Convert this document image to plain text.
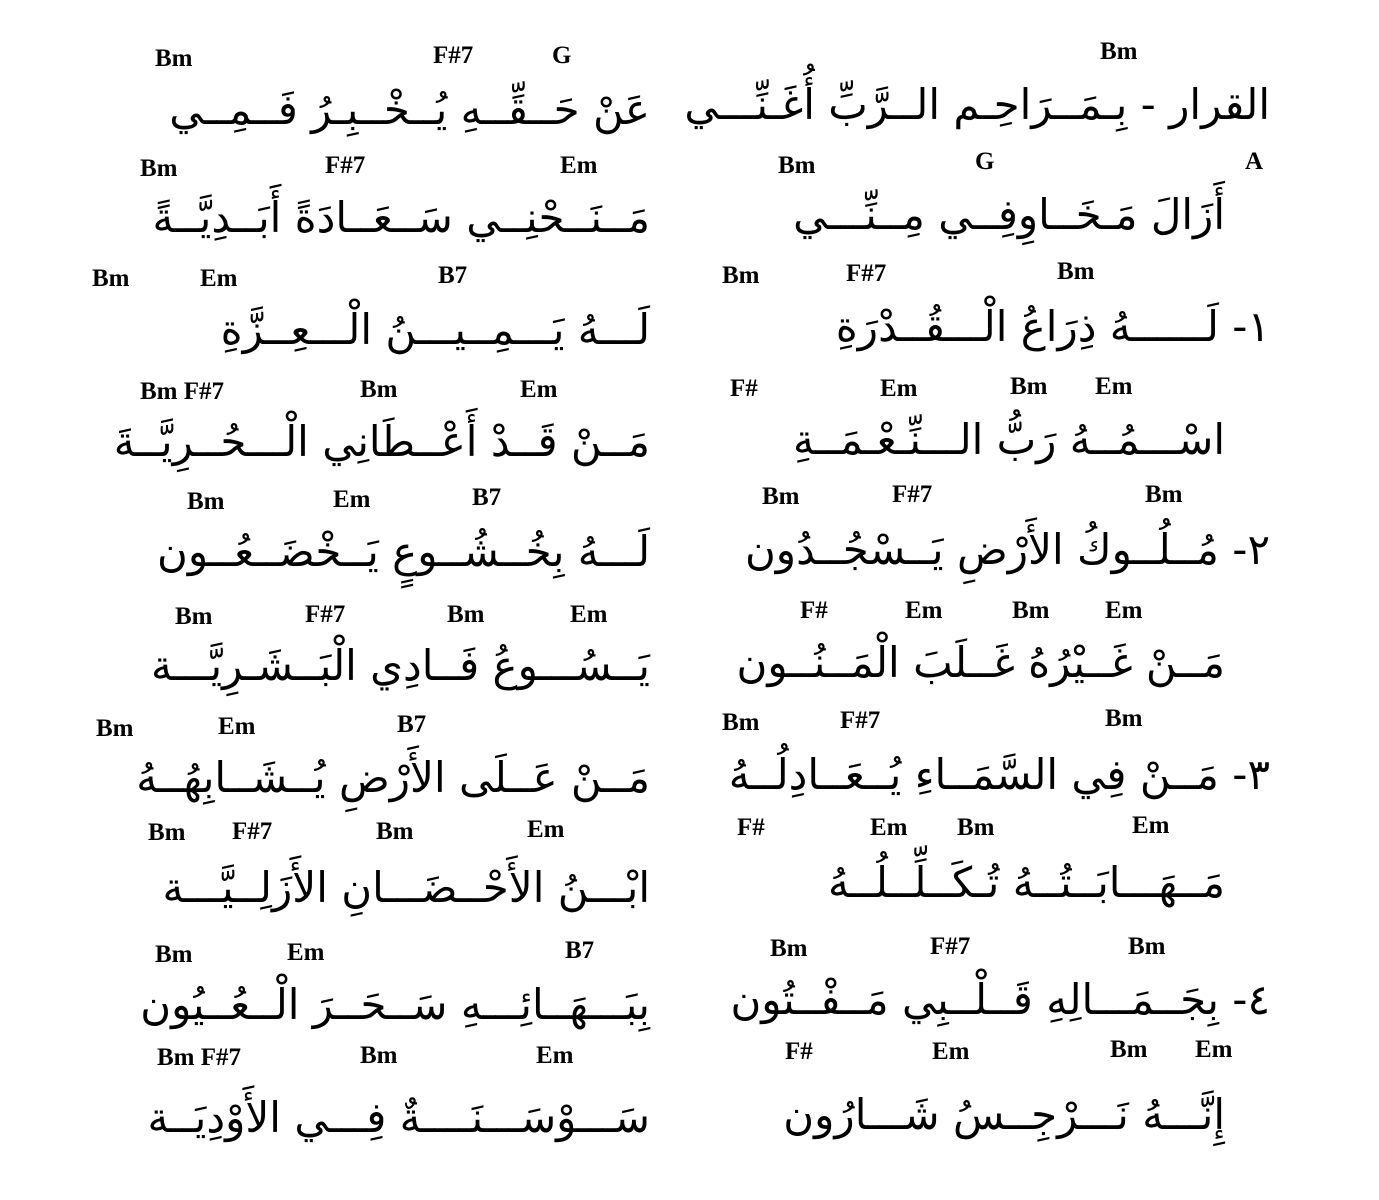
Bm
القرار - بِـمَــرَاحِـم الــرَّبِّ أُغَـنِّـــي
Bm	G	A
أَزَالَ مَـخَــاوِفِــي مِــنِّـــي
Bm	F#7	Bm
١- لَــــــهُ ذِرَاعُ الْـــقُــدْرَةِ
F#	Em	Bm Em
اسْـــمُــهُ رَبُّ الـــنِّـعْـمَــةِ
Bm	F#7	Bm
٢- مُــلُــوكُ الأَرْضِ يَــسْجُــدُون
F#	Em	Bm Em
مَــنْ غَــيْرُهُ غَــلَبَ الْمَــنُــون
Bm	F#7	Bm
٣- مَــنْ فِي السَّمَــاءِ يُــعَــادِلُــهُ
F#	Em Bm	Em
مَــهَـــابَــتُــهُ تُـكَــلِّــلُــهُ
Bm	F#7	Bm
٤- بِجَــمَـــالِهِ قَــلْــبِي مَــفْــتُون
F#	Em	Bm Em
إِنَّـــهُ نَـــرْجِــسُ شَـــارُون
Bm	F#7	G
عَنْ حَــقِّــهِ يُــخْــبِـرُ فَــمِــي
Bm	F#7	Em
مَــنَــحْنِــي سَــعَــادَةً أَبَــدِيَّــةً
Bm	Em	B7
لَـــهُ يَـــمِــيـــنُ الْـــعِــزَّةِ
Bm F#7	Bm	Em
مَــنْ قَــدْ أَعْــطَانِي الْـــحُــرِيَّــةَ
Bm	Em	B7
لَـــهُ بِخُــشُــوعٍ يَــخْضَــعُــون
Bm	F#7	Bm	Em
يَــسُـــوعُ فَــادِي الْبَــشَـرِيَّـــة
Bm	Em	B7
مَــنْ عَــلَى الأَرْضِ يُــشَــابِهُــهُ
Bm F#7	Bm	Em
ابْـــنُ الأَحْــضَـــانِ الأَزَلِــيَّـــة
Bm	Em	B7
بِبَـــهَــائِـــهِ سَــحَــرَ الْــعُــيُون
Bm F#7	Bm	Em
سَـــوْسَـــنَــــةٌ فِـــي الأَوْدِيَــة
